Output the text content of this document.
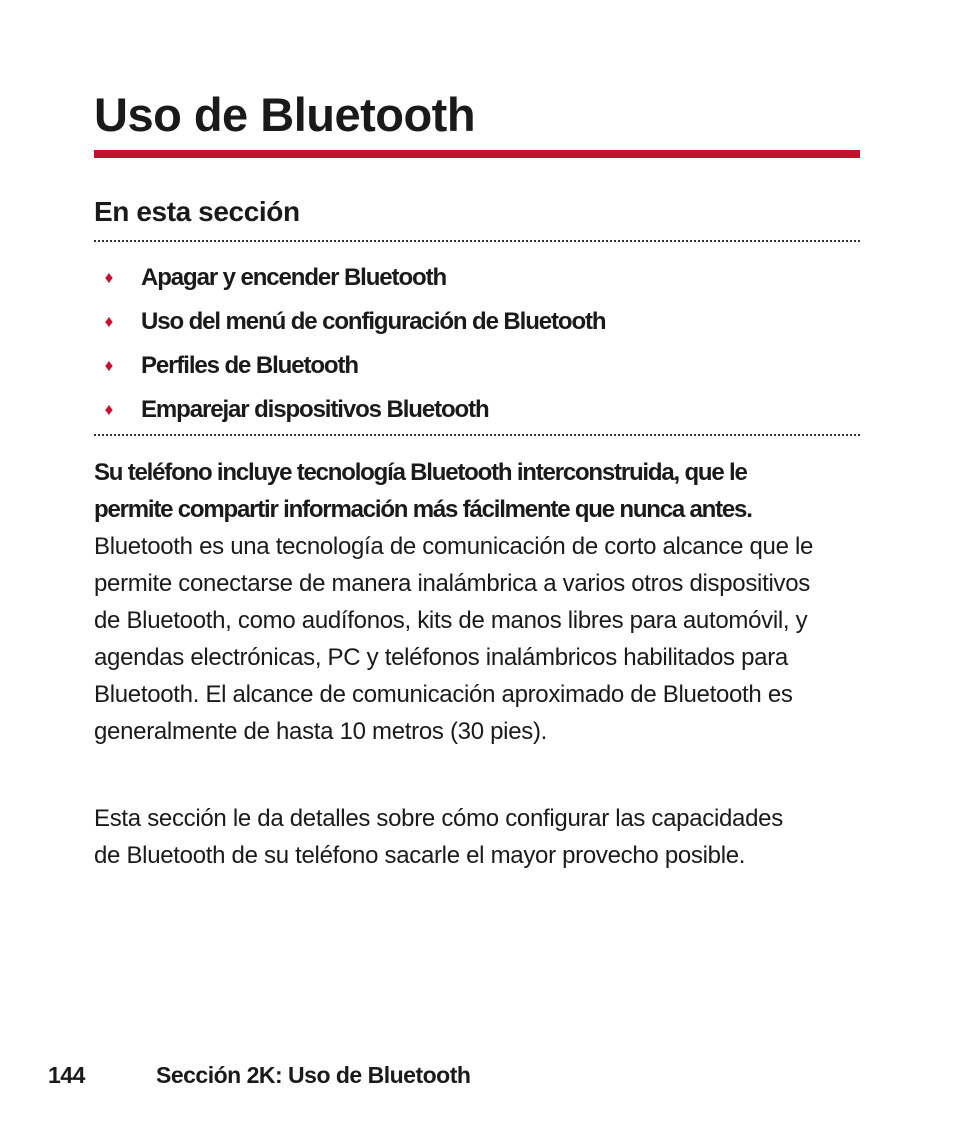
Uso de Bluetooth
En esta sección
♦	Apagar y encender Bluetooth
♦	Uso del menú de configuración de Bluetooth
♦	Perfiles de Bluetooth
♦	Emparejar dispositivos Bluetooth

Su teléfono incluye tecnología Bluetooth interconstruida, que le permite compartir información más fácilmente que nunca antes. Bluetooth es una tecnología de comunicación de corto alcance que le permite conectarse de manera inalámbrica a varios otros dispositivos de Bluetooth, como audífonos, kits de manos libres para automóvil, y agendas electrónicas, PC y teléfonos inalámbricos habilitados para Bluetooth. El alcance de comunicación aproximado de Bluetooth es generalmente de hasta 10 metros (30 pies).

Esta sección le da detalles sobre cómo configurar las capacidades de Bluetooth de su teléfono sacarle el mayor provecho posible.

144	Sección 2K: Uso de Bluetooth
